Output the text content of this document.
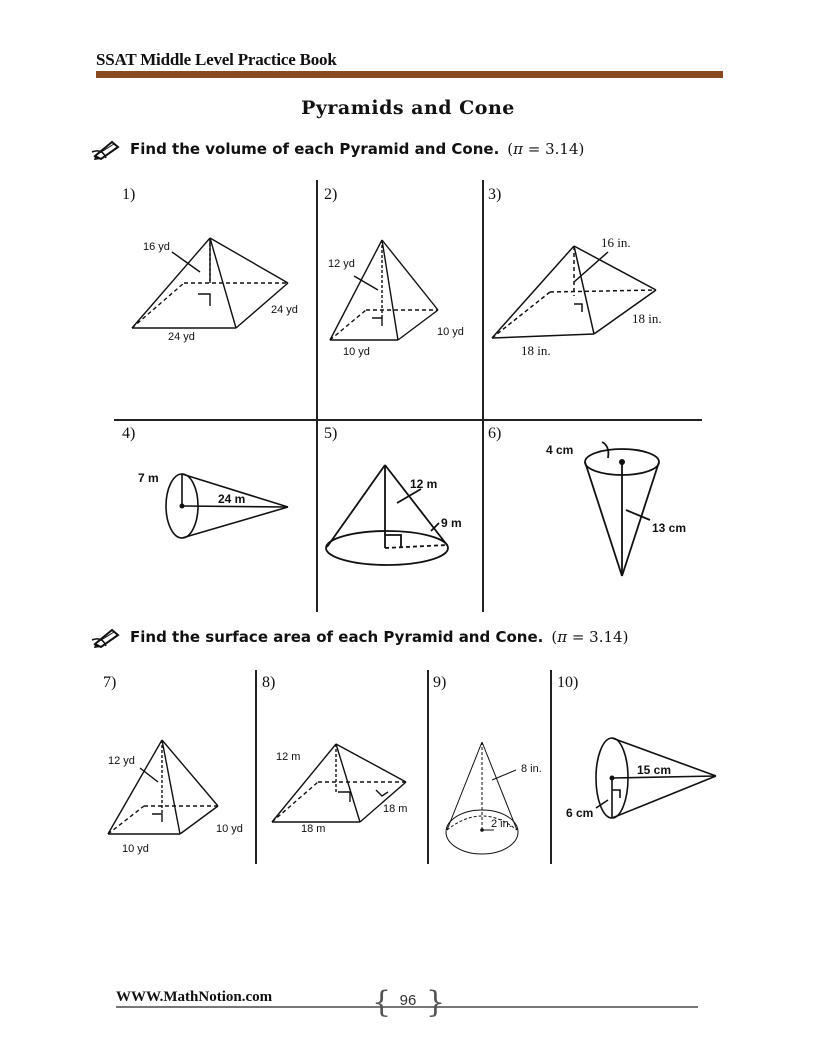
SSAT Middle Level Practice Book
Pyramids and Cone
Find the volume of each Pyramid and Cone. (π = 3.14)
1)	2)	3)
4)	5)	6)
16 yd
24 yd
24 yd
12 yd
10 yd
10 yd
16 in.
18 in.
18 in.
7 m
24 m
12 m
9 m
4 cm
13 cm
Find the surface area of each Pyramid and Cone. (π = 3.14)
7)	8)	9)	10)
12 yd
10 yd
10 yd
12 m
18 m
18 m
8 in.
2 in.
15 cm
6 cm
WWW.MathNotion.com	{ }
96
